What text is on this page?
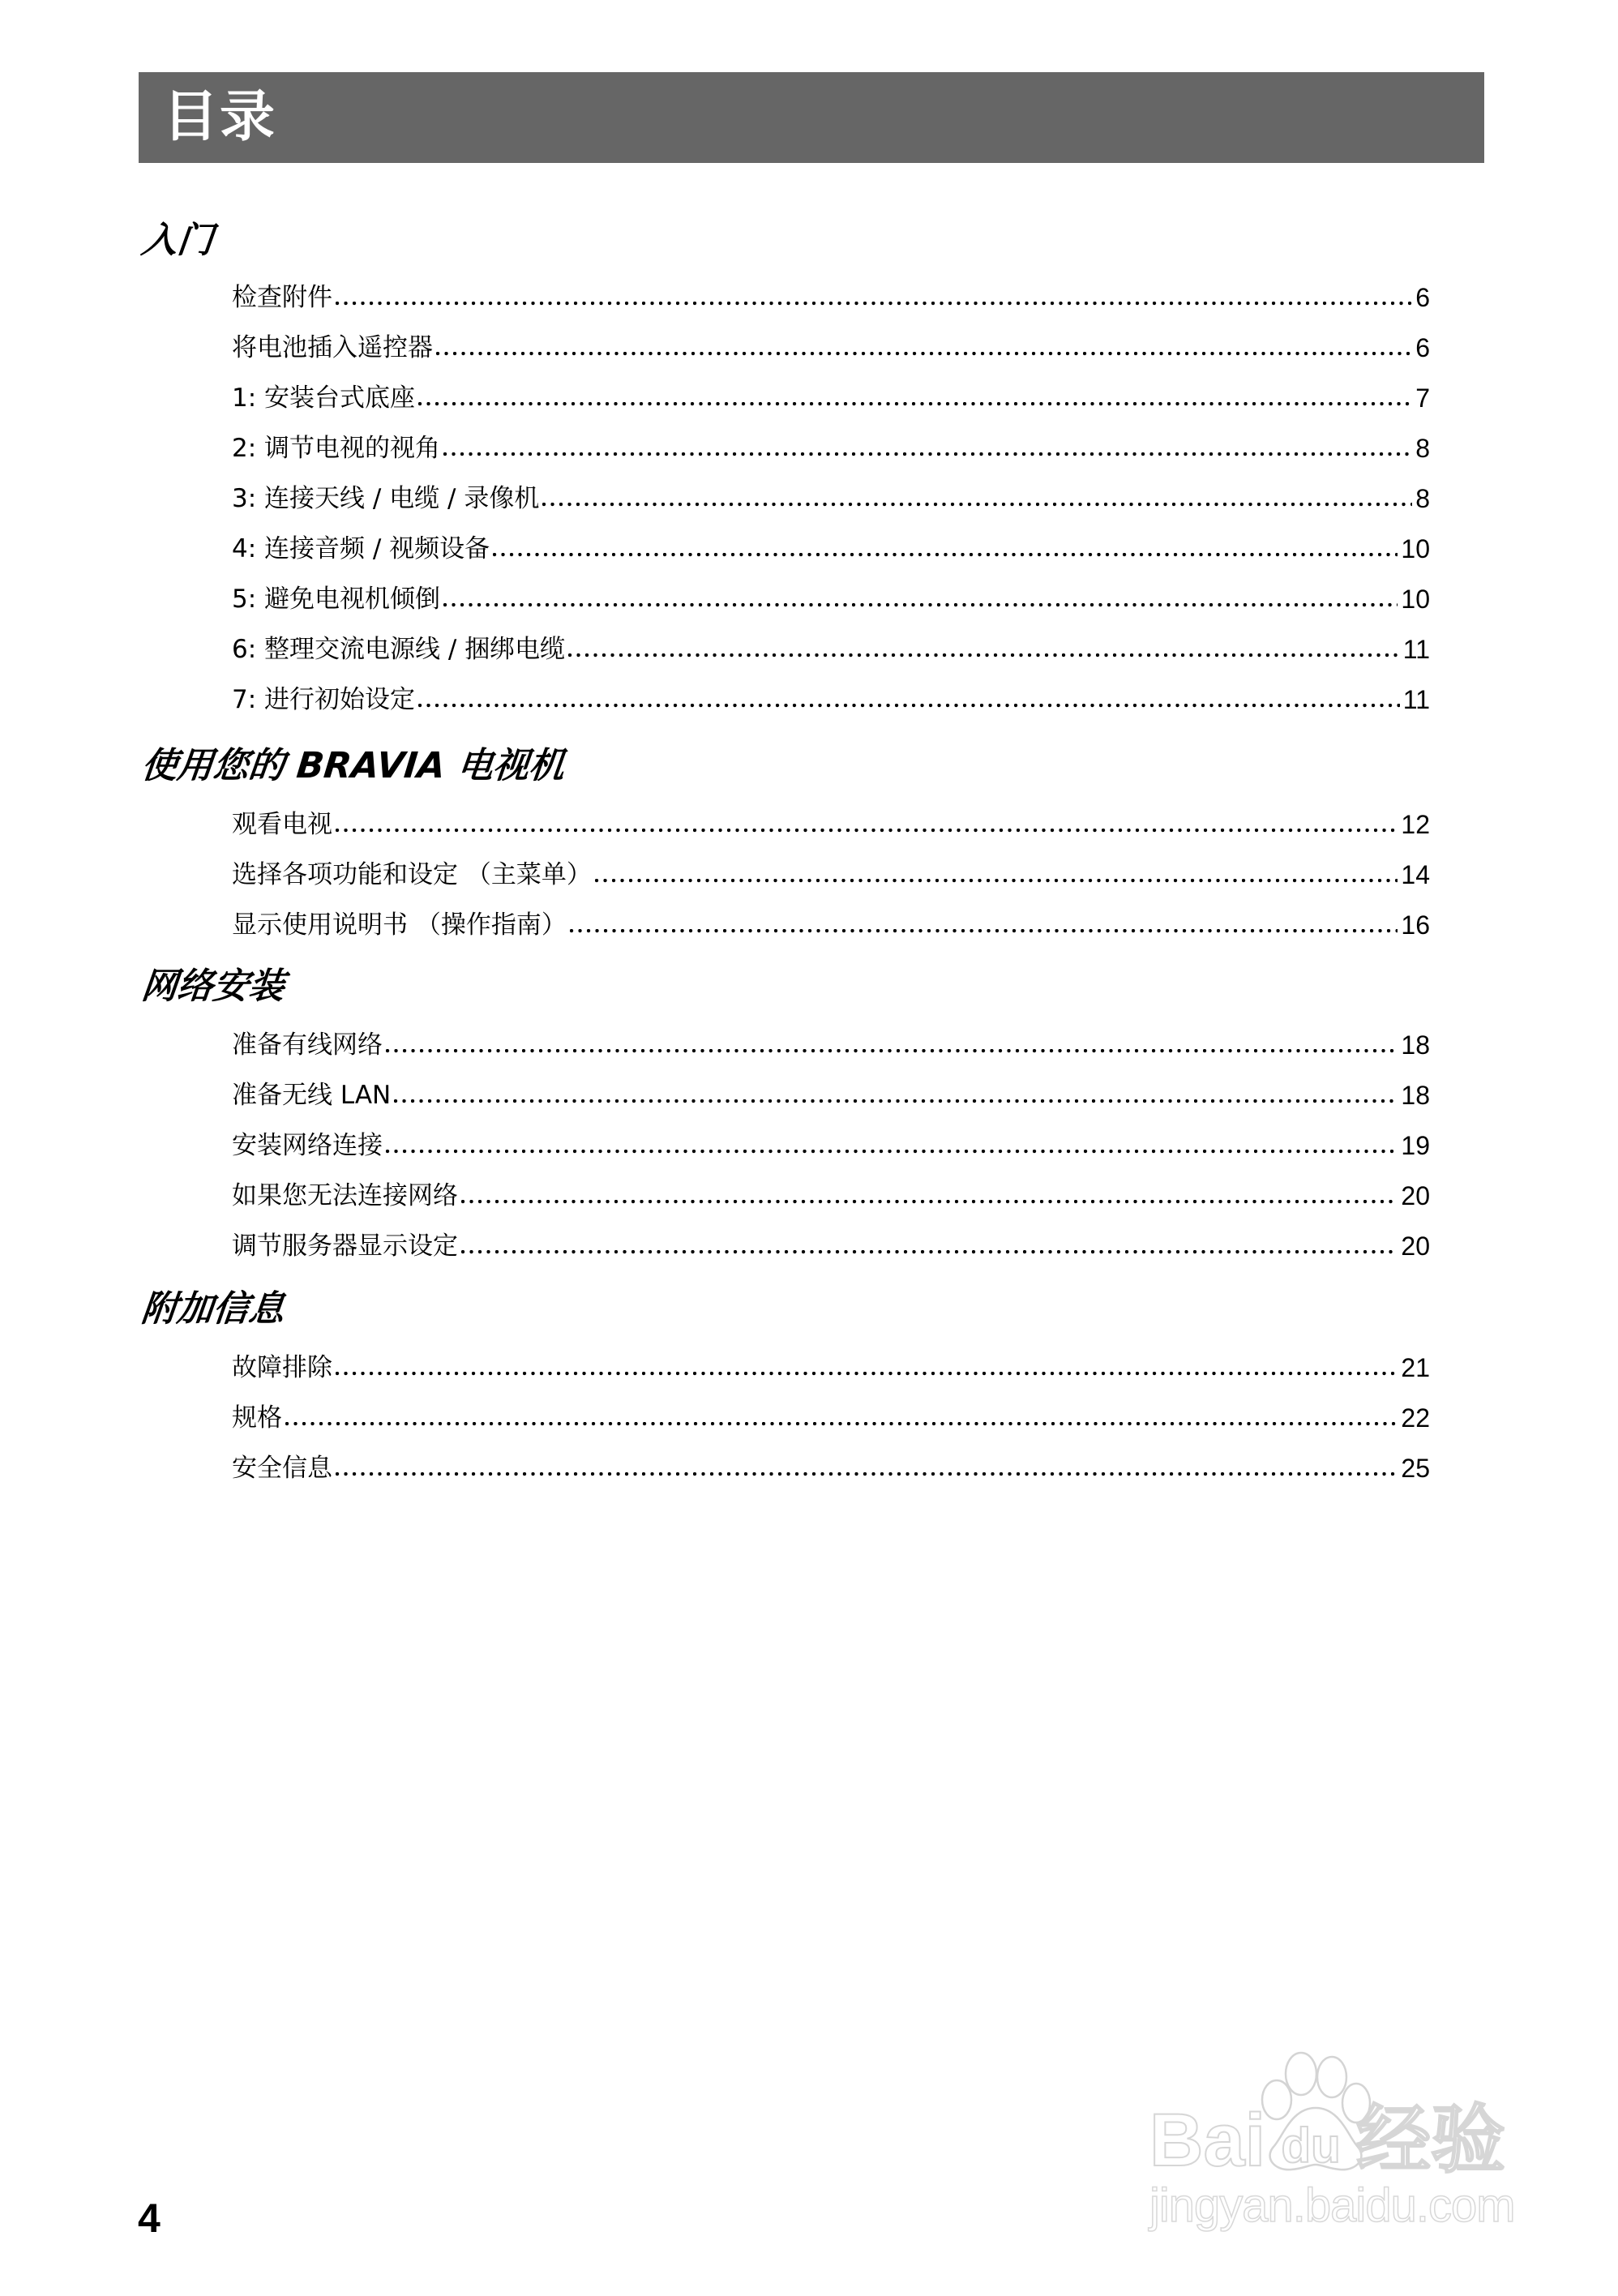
目录
入门
检查附件	6
将电池插入遥控器	6
1: 安装台式底座	7
2: 调节电视的视角	8
3: 连接天线 / 电缆 / 录像机	8
4: 连接音频 / 视频设备	10
5: 避免电视机倾倒	10
6: 整理交流电源线 / 捆绑电缆	11
7: 进行初始设定	11
使用您的 BRAVIA 电视机
观看电视	12
选择各项功能和设定 （主菜单）	14
显示使用说明书 （操作指南）	16
网络安装
准备有线网络	18
准备无线 LAN	18
安装网络连接	19
如果您无法连接网络	20
调节服务器显示设定	20
附加信息
故障排除	21
规格	22
安全信息	25
4
Bai du 经验
jingyan.baidu.com
